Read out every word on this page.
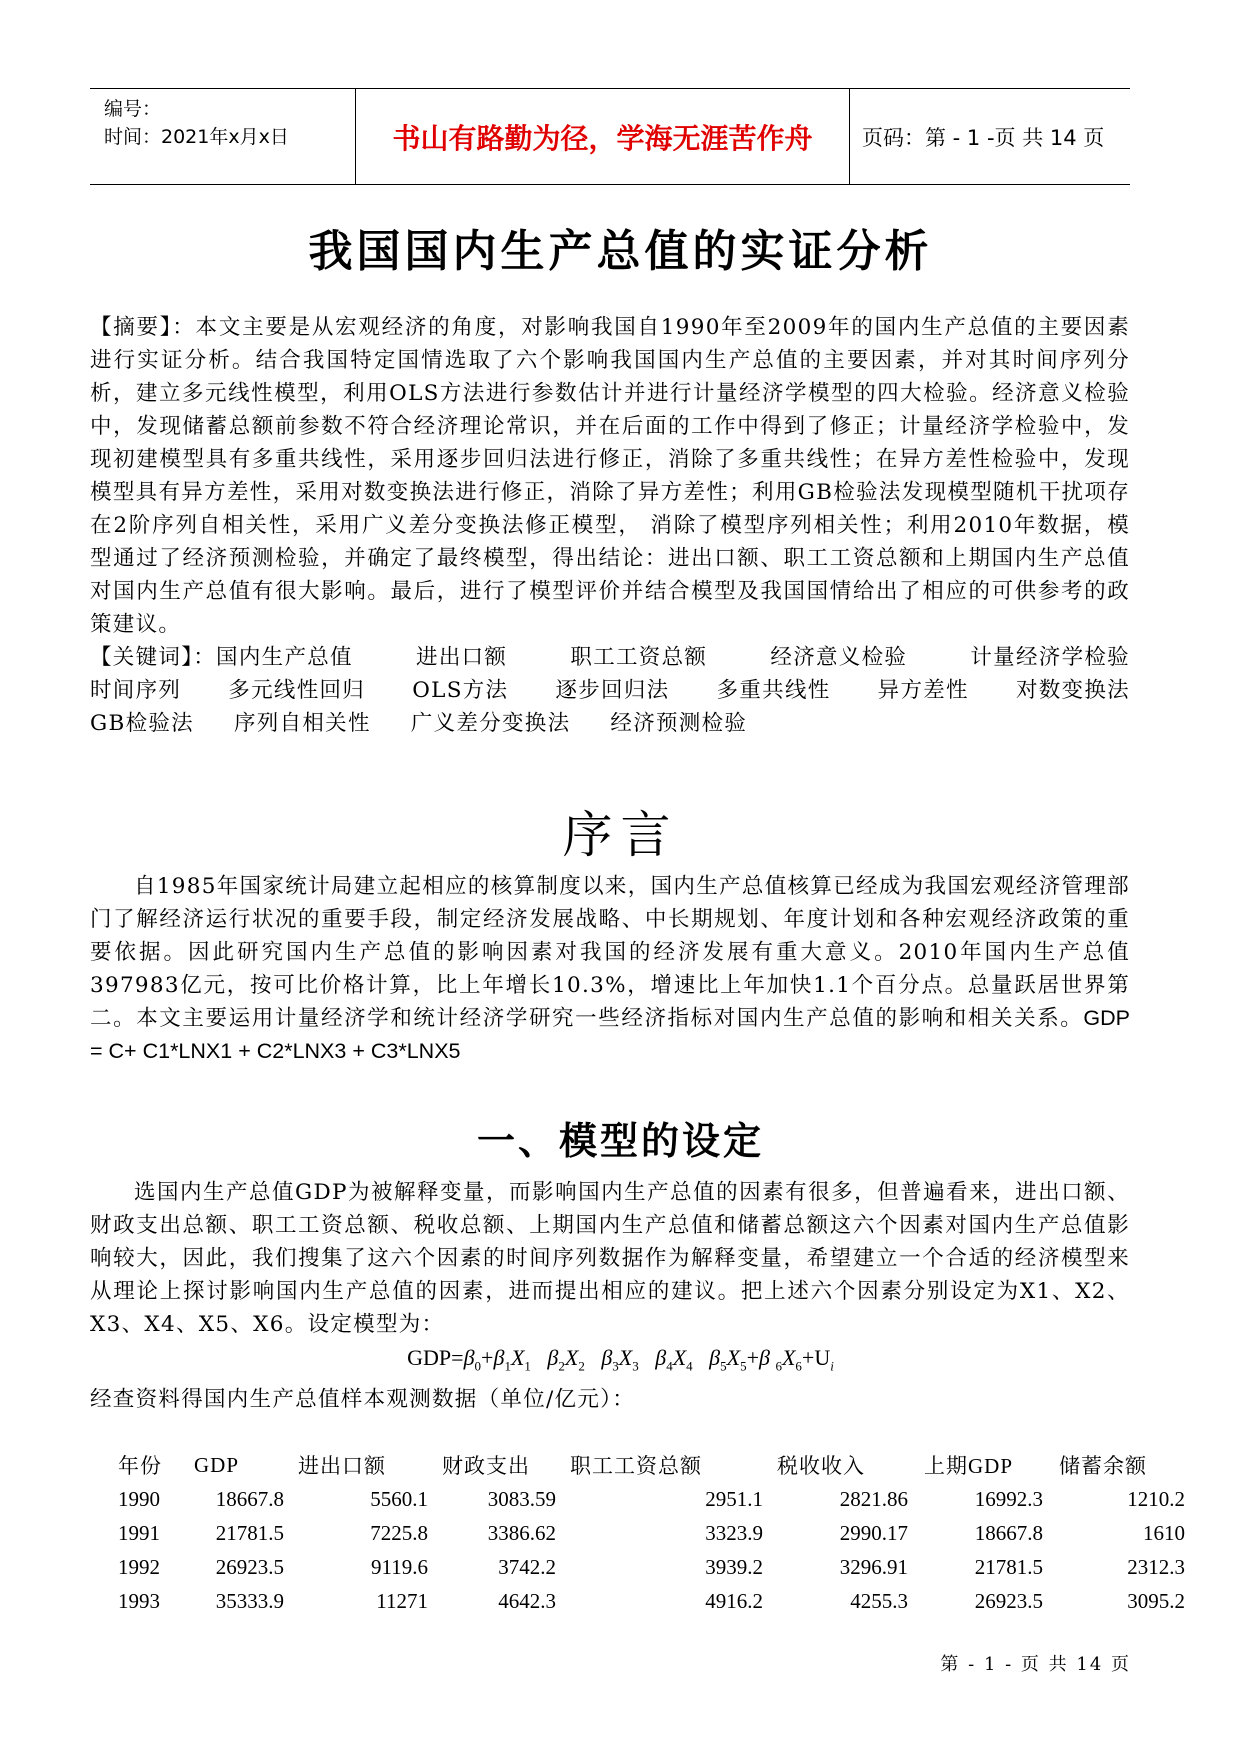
编号：
时间：2021年x月x日	书山有路勤为径，学海无涯苦作舟	页码：第 - 1 -页 共 14 页
我国国内生产总值的实证分析

【摘要】：本文主要是从宏观经济的角度，对影响我国自1990年至2009年的国内生产总值的主要因素进行实证分析。结合我国特定国情选取了六个影响我国国内生产总值的主要因素，并对其时间序列分析，建立多元线性模型，利用OLS方法进行参数估计并进行计量经济学模型的四大检验。经济意义检验中，发现储蓄总额前参数不符合经济理论常识，并在后面的工作中得到了修正；计量经济学检验中，发现初建模型具有多重共线性，采用逐步回归法进行修正，消除了多重共线性；在异方差性检验中，发现模型具有异方差性，采用对数变换法进行修正，消除了异方差性；利用GB检验法发现模型随机干扰项存在2阶序列自相关性，采用广义差分变换法修正模型， 消除了模型序列相关性；利用2010年数据，模型通过了经济预测检验，并确定了最终模型，得出结论：进出口额、职工工资总额和上期国内生产总值对国内生产总值有很大影响。最后，进行了模型评价并结合模型及我国国情给出了相应的可供参考的政策建议。

【关键词】：国内生产总值	进出口额	职工工资总额	经济意义检验	计量经济学检验
时间序列 多元线性回归 OLS方法 逐步回归法 多重共线性 异方差性 对数变换法
GB检验法 序列自相关性 广义差分变换法 经济预测检验
序言

自1985年国家统计局建立起相应的核算制度以来，国内生产总值核算已经成为我国宏观经济管理部门了解经济运行状况的重要手段，制定经济发展战略、中长期规划、年度计划和各种宏观经济政策的重要依据。因此研究国内生产总值的影响因素对我国的经济发展有重大意义。2010年国内生产总值397983亿元，按可比价格计算，比上年增长10.3%，增速比上年加快1.1个百分点。总量跃居世界第二。本文主要运用计量经济学和统计经济学研究一些经济指标对国内生产总值的影响和相关关系。GDP = C+ C1*LNX1 + C2*LNX3 + C3*LNX5

一、模型的设定

选国内生产总值GDP为被解释变量，而影响国内生产总值的因素有很多，但普遍看来，进出口额、财政支出总额、职工工资总额、税收总额、上期国内生产总值和储蓄总额这六个因素对国内生产总值影响较大，因此，我们搜集了这六个因素的时间序列数据作为解释变量，希望建立一个合适的经济模型来从理论上探讨影响国内生产总值的因素，进而提出相应的建议。把上述六个因素分别设定为X1、X2、X3、X4、X5、X6。设定模型为：

$GDP=\beta_0+\beta_1X_1$ $\beta_2X_2$ $\beta_3X_3$ $\beta_4X_4$ $\beta_5X_5+\beta$ $_6X_6+U_i$
经查资料得国内生产总值样本观测数据（单位/亿元）：
年份	GDP	进出口额	财政支出	职工工资总额	税收收入	上期GDP	储蓄余额
1990	18667.8	5560.1	3083.59	2951.1	2821.86	16992.3	1210.2
1991	21781.5	7225.8	3386.62	3323.9	2990.17	18667.8	1610
1992	26923.5	9119.6	3742.2	3939.2	3296.91	21781.5	2312.3
1993	35333.9	11271	4642.3	4916.2	4255.3	26923.5	3095.2
第 - 1 - 页 共 14 页
